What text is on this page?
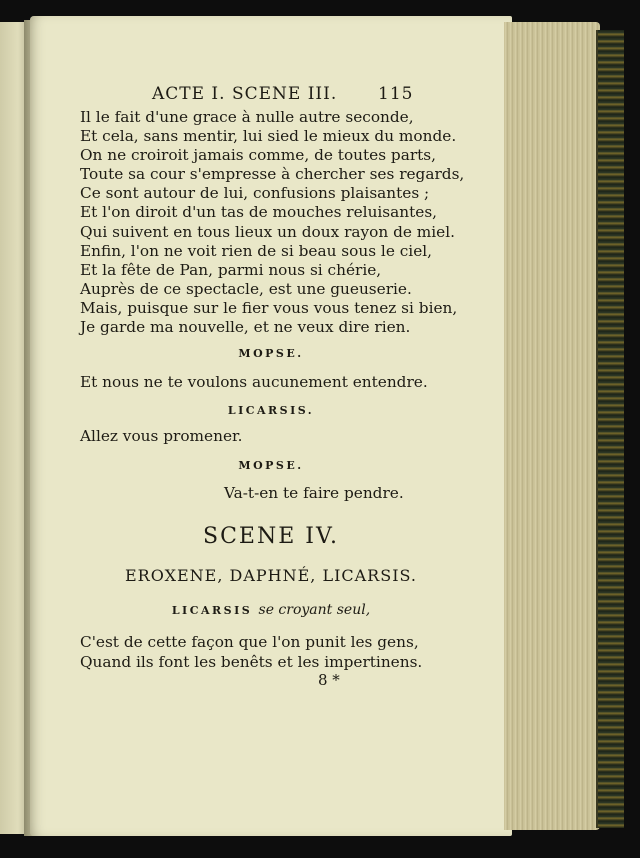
ACTE I. SCENE III. 115
Il le fait d'une grace à nulle autre seconde,
Et cela, sans mentir, lui sied le mieux du monde.
On ne croiroit jamais comme, de toutes parts,
Toute sa cour s'empresse à chercher ses regards,
Ce sont autour de lui, confusions plaisantes ;
Et l'on diroit d'un tas de mouches reluisantes,
Qui suivent en tous lieux un doux rayon de miel.
Enfin, l'on ne voit rien de si beau sous le ciel,
Et la fête de Pan, parmi nous si chérie,
Auprès de ce spectacle, est une gueuserie.
Mais, puisque sur le fier vous vous tenez si bien,
Je garde ma nouvelle, et ne veux dire rien.
MOPSE.
Et nous ne te voulons aucunement entendre.
LICARSIS.
Allez vous promener.
MOPSE.
Va-t-en te faire pendre.
SCENE IV.
EROXENE, DAPHNÉ, LICARSIS.
LICARSIS se croyant seul,
C'est de cette façon que l'on punit les gens,
Quand ils font les benêts et les impertinens.
8 *
